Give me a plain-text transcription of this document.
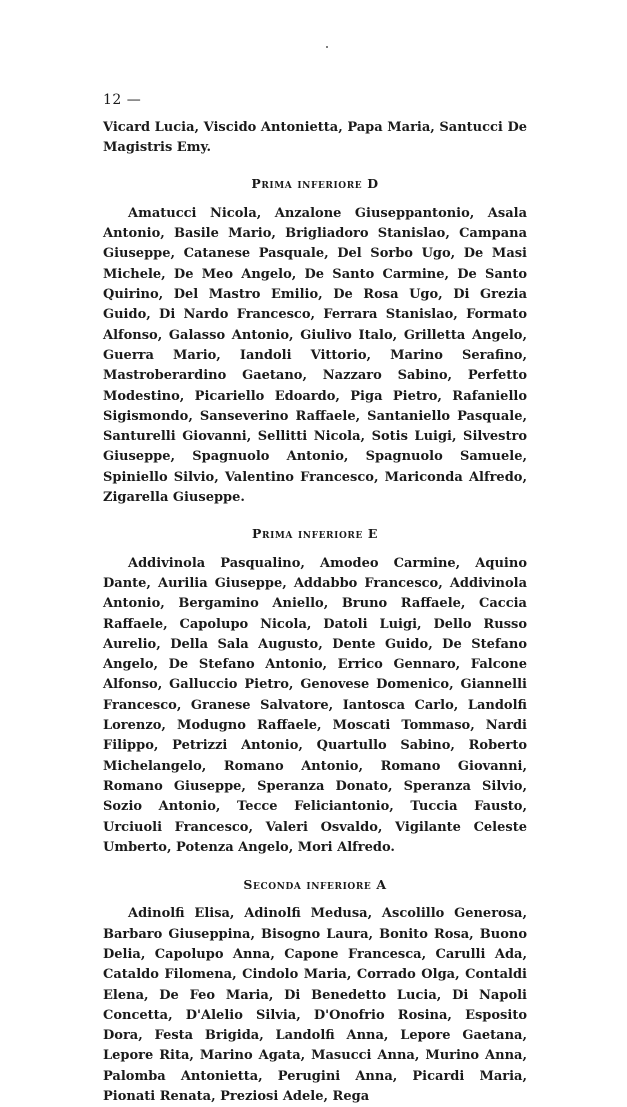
12 —

Vicard Lucia, Viscido Antonietta, Papa Maria, Santucci De Magistris Emy.

Prima inferiore D

Amatucci Nicola, Anzalone Giuseppantonio, Asala Antonio, Basile Mario, Brigliadoro Stanislao, Campana Giuseppe, Catanese Pasquale, Del Sorbo Ugo, De Masi Michele, De Meo Angelo, De Santo Carmine, De Santo Quirino, Del Mastro Emilio, De Rosa Ugo, Di Grezia Guido, Di Nardo Francesco, Ferrara Stanislao, Formato Alfonso, Galasso Antonio, Giulivo Italo, Grilletta Angelo, Guerra Mario, Iandoli Vittorio, Marino Serafino, Mastroberardino Gaetano, Nazzaro Sabino, Perfetto Modestino, Picariello Edoardo, Piga Pietro, Rafaniello Sigismondo, Sanseverino Raffaele, Santaniello Pasquale, Santurelli Giovanni, Sellitti Nicola, Sotis Luigi, Silvestro Giuseppe, Spagnuolo Antonio, Spagnuolo Samuele, Spiniello Silvio, Valentino Francesco, Mariconda Alfredo, Zigarella Giuseppe.

Prima inferiore E

Addivinola Pasqualino, Amodeo Carmine, Aquino Dante, Aurilia Giuseppe, Addabbo Francesco, Addivinola Antonio, Bergamino Aniello, Bruno Raffaele, Caccia Raffaele, Capolupo Nicola, Datoli Luigi, Dello Russo Aurelio, Della Sala Augusto, Dente Guido, De Stefano Angelo, De Stefano Antonio, Errico Gennaro, Falcone Alfonso, Galluccio Pietro, Genovese Domenico, Giannelli Francesco, Granese Salvatore, Iantosca Carlo, Landolfi Lorenzo, Modugno Raffaele, Moscati Tommaso, Nardi Filippo, Petrizzi Antonio, Quartullo Sabino, Roberto Michelangelo, Romano Antonio, Romano Giovanni, Romano Giuseppe, Speranza Donato, Speranza Silvio, Sozio Antonio, Tecce Feliciantonio, Tuccia Fausto, Urciuoli Francesco, Valeri Osvaldo, Vigilante Celeste Umberto, Potenza Angelo, Mori Alfredo.

Seconda inferiore A

Adinolfi Elisa, Adinolfi Medusa, Ascolillo Generosa, Barbaro Giuseppina, Bisogno Laura, Bonito Rosa, Buono Delia, Capolupo Anna, Capone Francesca, Carulli Ada, Cataldo Filomena, Cindolo Maria, Corrado Olga, Contaldi Elena, De Feo Maria, Di Benedetto Lucia, Di Napoli Concetta, D'Alelio Silvia, D'Onofrio Rosina, Esposito Dora, Festa Brigida, Landolfi Anna, Lepore Gaetana, Lepore Rita, Marino Agata, Masucci Anna, Murino Anna, Palomba Antonietta, Perugini Anna, Picardi Maria, Pionati Renata, Preziosi Adele, Rega
